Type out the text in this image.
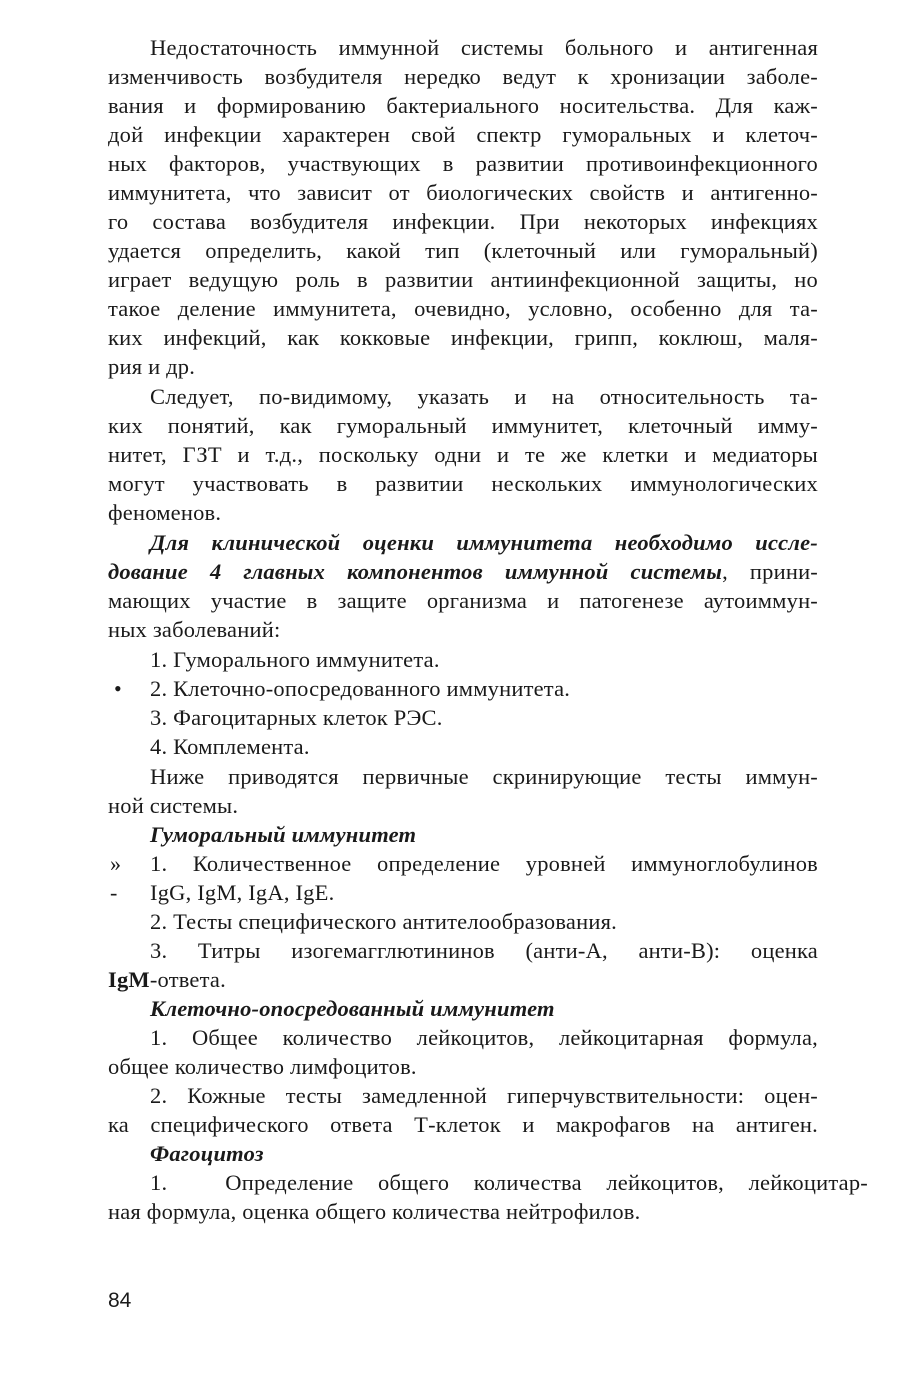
Недостаточность иммунной системы больного и антигенная
изменчивость возбудителя нередко ведут к хронизации заболе-
вания и формированию бактериального носительства. Для каж-
дой инфекции характерен свой спектр гуморальных и клеточ-
ных факторов, участвующих в развитии противоинфекционного
иммунитета, что зависит от биологических свойств и антигенно-
го состава возбудителя инфекции. При некоторых инфекциях
удается определить, какой тип (клеточный или гуморальный)
играет ведущую роль в развитии антиинфекционной защиты, но
такое деление иммунитета, очевидно, условно, особенно для та-
ких инфекций, как кокковые инфекции, грипп, коклюш, маля-
рия и др.
Следует, по-видимому, указать и на относительность та-
ких понятий, как гуморальный иммунитет, клеточный имму-
нитет, ГЗТ и т.д., поскольку одни и те же клетки и медиаторы
могут участвовать в развитии нескольких иммунологических
феноменов.
Для клинической оценки иммунитета необходимо иссле-
дование 4 главных компонентов иммунной системы, прини-
мающих участие в защите организма и патогенезе аутоиммун-
ных заболеваний:
1. Гуморального иммунитета.
• 2. Клеточно-опосредованного иммунитета.
3. Фагоцитарных клеток РЭС.
4. Комплемента.
Ниже приводятся первичные скринирующие тесты иммун-
ной системы.
Гуморальный иммунитет
» 1. Количественное определение уровней иммуноглобулинов
- IgG, IgM, IgA, IgE.
2. Тесты специфического антителообразования.
3. Титры изогемагглютининов (анти-А, анти-В): оценка
IgM-ответа.
Клеточно-опосредованный иммунитет
1. Общее количество лейкоцитов, лейкоцитарная формула,
общее количество лимфоцитов.
2. Кожные тесты замедленной гиперчувствительности: оцен-
ка специфического ответа Т-клеток и макрофагов на антиген.
Фагоцитоз
1.	Определение общего количества лейкоцитов, лейкоцитар-
ная формула, оценка общего количества нейтрофилов.
84
